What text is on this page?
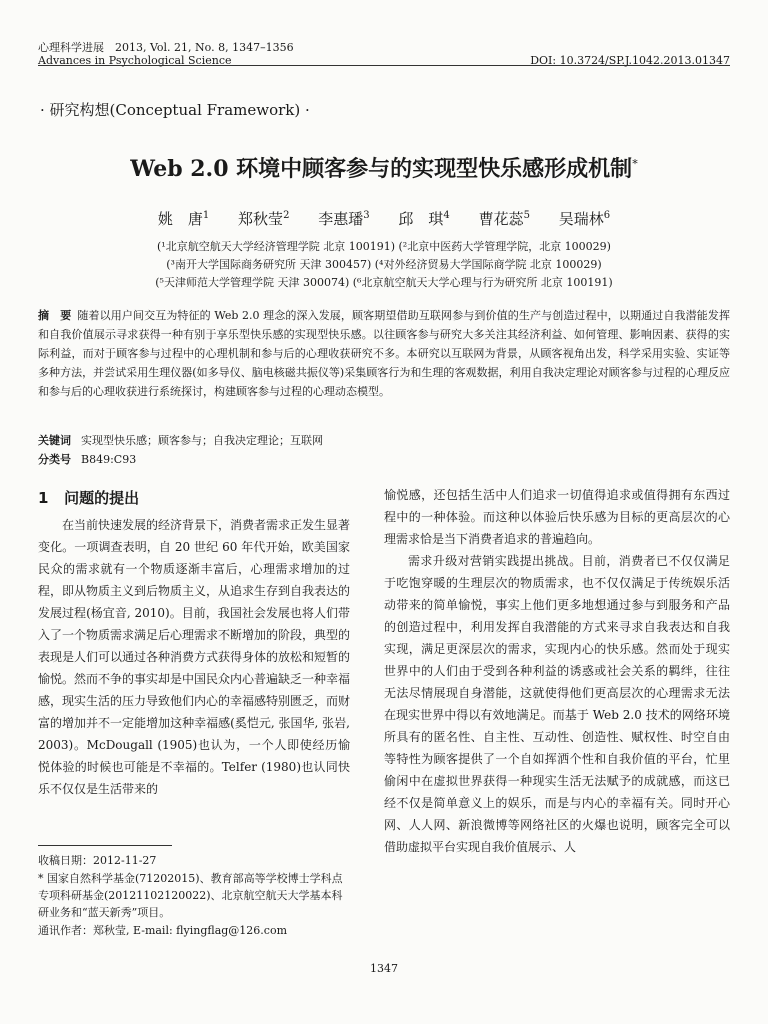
心理科学进展　2013, Vol. 21, No. 8, 1347–1356
Advances in Psychological Science	DOI: 10.3724/SP.J.1042.2013.01347
· 研究构想(Conceptual Framework) ·
Web 2.0 环境中顾客参与的实现型快乐感形成机制*
姚　唐$^1$ 郑秋莹$^2$ 李惠璠$^3$ 邱　琪$^4$ 曹花蕊$^5$ 吴瑞林$^6$
(¹北京航空航天大学经济管理学院 北京 100191) (²北京中医药大学管理学院，北京 100029)
(³南开大学国际商务研究所 天津 300457) (⁴对外经济贸易大学国际商学院 北京 100029)
(⁵天津师范大学管理学院 天津 300074) (⁶北京航空航天大学心理与行为研究所 北京 100191)
摘　要 随着以用户间交互为特征的 Web 2.0 理念的深入发展，顾客期望借助互联网参与到价值的生产与创造过程中，以期通过自我潜能发挥和自我价值展示寻求获得一种有别于享乐型快乐感的实现型快乐感。以往顾客参与研究大多关注其经济利益、如何管理、影响因素、获得的实际利益，而对于顾客参与过程中的心理机制和参与后的心理收获研究不多。本研究以互联网为背景，从顾客视角出发，科学采用实验、实证等多种方法，并尝试采用生理仪器(如多导仪、脑电核磁共振仪等)采集顾客行为和生理的客观数据，利用自我决定理论对顾客参与过程的心理反应和参与后的心理收获进行系统探讨，构建顾客参与过程的心理动态模型。
关键词 实现型快乐感；顾客参与；自我决定理论；互联网
分类号 B849:C93
1 问题的提出

在当前快速发展的经济背景下，消费者需求正发生显著变化。一项调查表明，自 20 世纪 60 年代开始，欧美国家民众的需求就有一个物质逐渐丰富后，心理需求增加的过程，即从物质主义到后物质主义，从追求生存到自我表达的发展过程(杨宜音, 2010)。目前，我国社会发展也将人们带入了一个物质需求满足后心理需求不断增加的阶段，典型的表现是人们可以通过各种消费方式获得身体的放松和短暂的愉悦。然而不争的事实却是中国民众内心普遍缺乏一种幸福感，现实生活的压力导致他们内心的幸福感特别匮乏，而财富的增加并不一定能增加这种幸福感(奚恺元, 张国华, 张岩, 2003)。McDougall (1905)也认为，一个人即使经历愉悦体验的时候也可能是不幸福的。Telfer (1980)也认同快乐不仅仅是生活带来的

愉悦感，还包括生活中人们追求一切值得追求或值得拥有东西过程中的一种体验。而这种以体验后快乐感为目标的更高层次的心理需求恰是当下消费者追求的普遍趋向。

需求升级对营销实践提出挑战。目前，消费者已不仅仅满足于吃饱穿暖的生理层次的物质需求，也不仅仅满足于传统娱乐活动带来的简单愉悦，事实上他们更多地想通过参与到服务和产品的创造过程中，利用发挥自我潜能的方式来寻求自我表达和自我实现，满足更深层次的需求，实现内心的快乐感。然而处于现实世界中的人们由于受到各种利益的诱惑或社会关系的羁绊，往往无法尽情展现自身潜能，这就使得他们更高层次的心理需求无法在现实世界中得以有效地满足。而基于 Web 2.0 技术的网络环境所具有的匿名性、自主性、互动性、创造性、赋权性、时空自由等特性为顾客提供了一个自如挥洒个性和自我价值的平台，忙里偷闲中在虚拟世界获得一种现实生活无法赋予的成就感，而这已经不仅是简单意义上的娱乐，而是与内心的幸福有关。同时开心网、人人网、新浪微博等网络社区的火爆也说明，顾客完全可以借助虚拟平台实现自我价值展示、人

收稿日期：2012-11-27
* 国家自然科学基金(71202015)、教育部高等学校博士学科点专项科研基金(20121102120022)、北京航空航天大学基本科研业务和“蓝天新秀”项目。
通讯作者：郑秋莹, E-mail: flyingflag@126.com
1347
